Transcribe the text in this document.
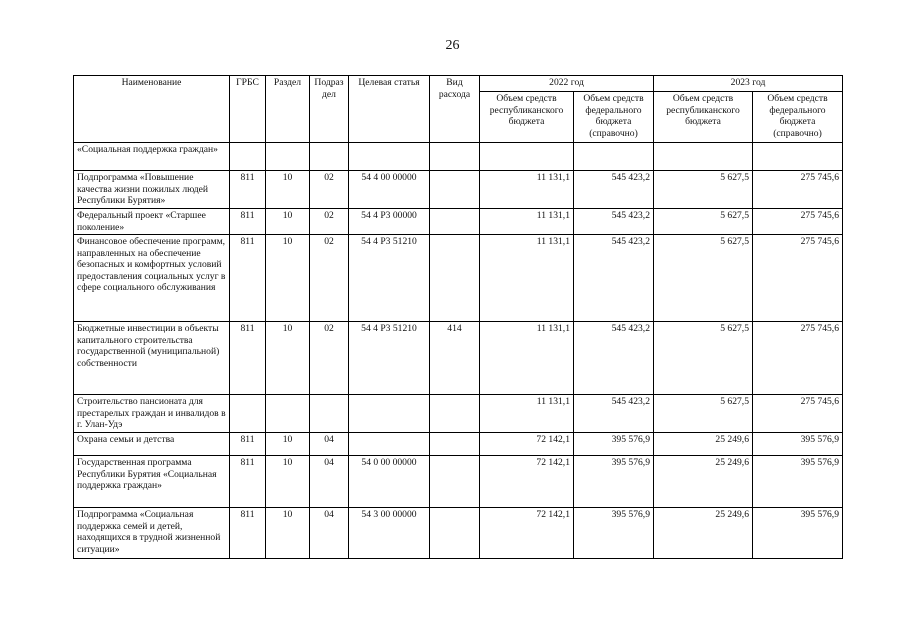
26
Наименование	ГРБС	Раздел	Подраз дел	Целевая статья	Вид расхода	2022 год		2023 год	
						Объем средств республиканского бюджета	Объем средств федерального бюджета (справочно)	Объем средств республиканского бюджета	Объем средств федерального бюджета (справочно)
«Социальная поддержка граждан»									
Подпрограмма «Повышение качества жизни пожилых людей Республики Бурятия»	811	10	02	54 4 00 00000		11 131,1	545 423,2	5 627,5	275 745,6
Федеральный проект «Старшее поколение»	811	10	02	54 4 P3 00000		11 131,1	545 423,2	5 627,5	275 745,6
Финансовое обеспечение программ, направленных на обеспечение безопасных и комфортных условий предоставления социальных услуг в сфере социального обслуживания	811	10	02	54 4 P3 51210		11 131,1	545 423,2	5 627,5	275 745,6
Бюджетные инвестиции в объекты капитального строительства государственной (муниципальной) собственности	811	10	02	54 4 P3 51210	414	11 131,1	545 423,2	5 627,5	275 745,6
Строительство пансионата для престарелых граждан и инвалидов в г. Улан-Удэ						11 131,1	545 423,2	5 627,5	275 745,6
Охрана семьи и детства	811	10	04			72 142,1	395 576,9	25 249,6	395 576,9
Государственная программа Республики Бурятия «Социальная поддержка граждан»	811	10	04	54 0 00 00000		72 142,1	395 576,9	25 249,6	395 576,9
Подпрограмма «Социальная поддержка семей и детей, находящихся в трудной жизненной ситуации»	811	10	04	54 3 00 00000		72 142,1	395 576,9	25 249,6	395 576,9
